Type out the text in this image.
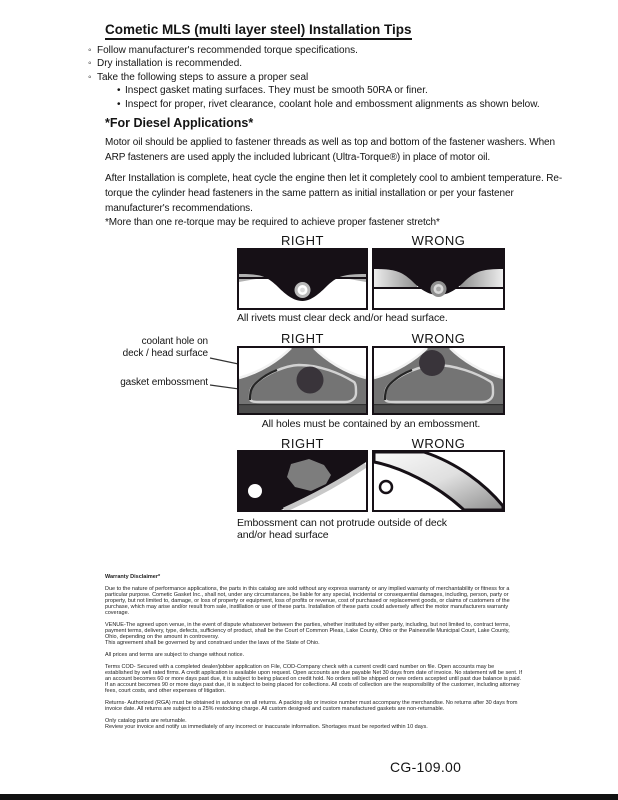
Cometic MLS (multi layer steel) Installation Tips
◦ Follow manufacturer's recommended torque specifications.
◦ Dry installation is recommended.
◦ Take the following steps to assure a proper seal
• Inspect gasket mating surfaces. They must be smooth 50RA or finer.
• Inspect for proper, rivet clearance, coolant hole and embossment alignments as shown below.
*For Diesel Applications*
Motor oil should be applied to fastener threads as well as top and bottom of the fastener washers. When ARP fasteners are used apply the included lubricant (Ultra-Torque®) in place of motor oil.
After Installation is complete, heat cycle the engine then let it completely cool to ambient temperature. Re-torque the cylinder head fasteners in the same pattern as initial installation or per your fastener manufacturer's recommendations.
*More than one re-torque may be required to achieve proper fastener stretch*
RIGHT	WRONG
All rivets must clear deck and/or head surface.
RIGHT	WRONG
coolant hole on
deck / head surface
gasket embossment
All holes must be contained by an embossment.
RIGHT	WRONG
Embossment can not protrude outside of deck and/or head surface
Warranty Disclaimer*
Due to the nature of performance applications, the parts in this catalog are sold without any express warranty or any implied warranty of merchantability or fitness for a particular purpose. Cometic Gasket Inc., shall not, under any circumstances, be liable for any special, incidental or consequential damages, including, person, party or property, but not limited to, damage, or loss of property or equipment, loss of profits or revenue, cost of purchased or replacement goods, or claims of customers of the purchase, which may arise and/or result from sale, instillation or use of these parts. Installation of these parts could adversely affect the motor manufacturers warranty coverage.
VENUE-The agreed upon venue, in the event of dispute whatsoever between the parties, whether instituted by either party, including, but not limited to, contract terms, payment terms, delivery, type, defects, sufficiency of product, shall be the Court of Common Pleas, Lake County, Ohio or the Painesville Municipal Court, Lake County, Ohio, depending on the amount in controversy.
This agreement shall be governed by and construed under the laws of the State of Ohio.
All prices and terms are subject to change without notice.
Terms COD- Secured with a completed dealer/jobber application on File, COD-Company check with a current credit card number on file. Open accounts may be established by well rated firms. A credit application is available upon request. Open accounts are due payable Net 30 days from date of invoice. No statement will be sent. If an account becomes 60 or more days past due, it is subject to being placed on credit hold. No orders will be shipped or new orders accepted until past due balance is paid. If an account becomes 90 or more days past due, it is subject to being placed for collections. All costs of collection are the responsibility of the customer, including attorney fees, court costs, and other expenses of litigation.
Returns- Authorized (RGA) must be obtained in advance on all returns. A packing slip or invoice number must accompany the merchandise. No returns after 30 days from invoice date. All returns are subject to a 25% restocking charge. All custom designed and custom manufactured gaskets are non-returnable.
Only catalog parts are returnable.
Review your invoice and notify us immediately of any incorrect or inaccurate information. Shortages must be reported within 10 days.
CG-109.00
